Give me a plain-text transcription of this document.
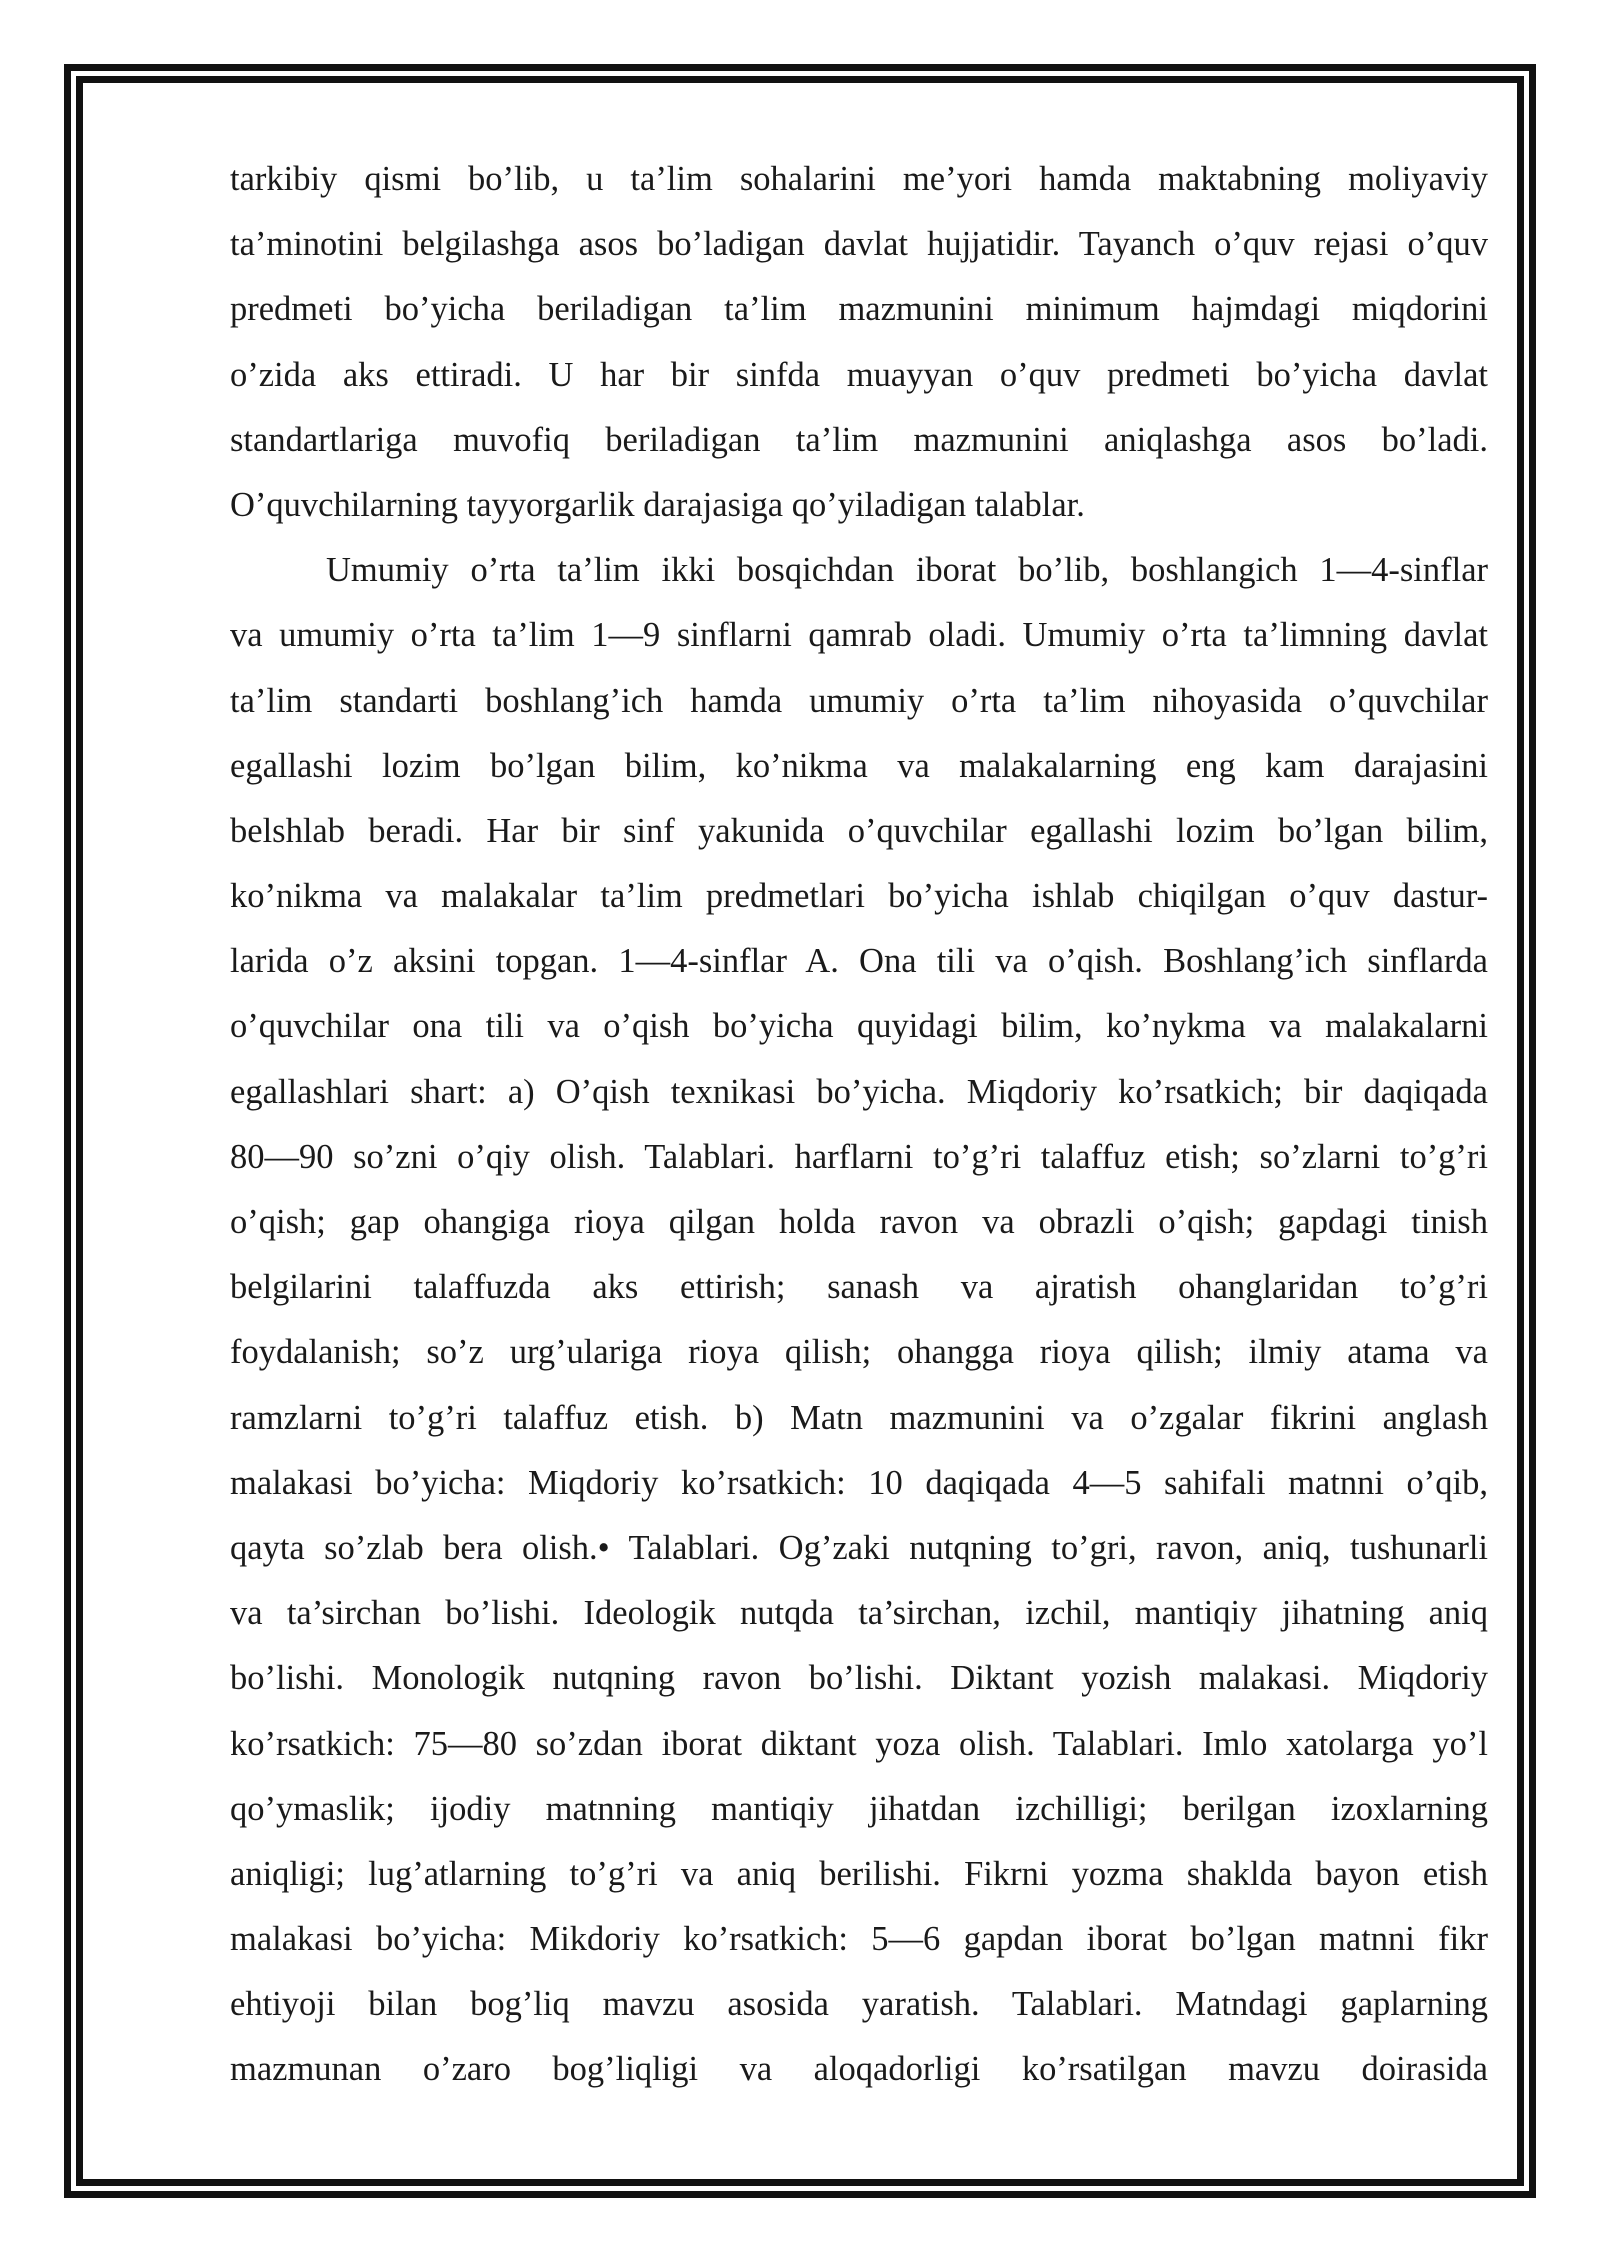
tarkibiy qismi bo’lib, u ta’lim sohalarini me’yori hamda maktabning moliyaviy
ta’minotini belgilashga asos bo’ladigan davlat hujjatidir. Tayanch o’quv rejasi o’quv
predmeti bo’yicha beriladigan ta’lim mazmunini minimum hajmdagi miqdorini
o’zida aks ettiradi. U har bir sinfda muayyan o’quv predmeti bo’yicha davlat
standartlariga muvofiq beriladigan ta’lim mazmunini aniqlashga asos bo’ladi.
O’quvchilarning tayyorgarlik darajasiga qo’yiladigan talablar.
Umumiy o’rta ta’lim ikki bosqichdan iborat bo’lib, boshlangich 1—4-sinflar
va umumiy o’rta ta’lim 1—9 sinflarni qamrab oladi. Umumiy o’rta ta’limning davlat
ta’lim standarti boshlang’ich hamda umumiy o’rta ta’lim nihoyasida o’quvchilar
egallashi lozim bo’lgan bilim, ko’nikma va malakalarning eng kam darajasini
belshlab beradi. Har bir sinf yakunida o’quvchilar egallashi lozim bo’lgan bilim,
ko’nikma va malakalar ta’lim predmetlari bo’yicha ishlab chiqilgan o’quv dastur-
larida o’z aksini topgan. 1—4-sinflar A. Ona tili va o’qish. Boshlang’ich sinflarda
o’quvchilar ona tili va o’qish bo’yicha quyidagi bilim, ko’nykma va malakalarni
egallashlari shart: a) O’qish texnikasi bo’yicha. Miqdoriy ko’rsatkich; bir daqiqada
80—90 so’zni o’qiy olish. Talablari. harflarni to’g’ri talaffuz etish; so’zlarni to’g’ri
o’qish; gap ohangiga rioya qilgan holda ravon va obrazli o’qish; gapdagi tinish
belgilarini talaffuzda aks ettirish; sanash va ajratish ohanglaridan to’g’ri
foydalanish; so’z urg’ulariga rioya qilish; ohangga rioya qilish; ilmiy atama va
ramzlarni to’g’ri talaffuz etish. b) Matn mazmunini va o’zgalar fikrini anglash
malakasi bo’yicha: Miqdoriy ko’rsatkich: 10 daqiqada 4—5 sahifali matnni o’qib,
qayta so’zlab bera olish.• Talablari. Og’zaki nutqning to’gri, ravon, aniq, tushunarli
va ta’sirchan bo’lishi. Ideologik nutqda ta’sirchan, izchil, mantiqiy jihatning aniq
bo’lishi. Monologik nutqning ravon bo’lishi. Diktant yozish malakasi. Miqdoriy
ko’rsatkich: 75—80 so’zdan iborat diktant yoza olish. Talablari. Imlo xatolarga yo’l
qo’ymaslik; ijodiy matnning mantiqiy jihatdan izchilligi; berilgan izoxlarning
aniqligi; lug’atlarning to’g’ri va aniq berilishi. Fikrni yozma shaklda bayon etish
malakasi bo’yicha: Mikdoriy ko’rsatkich: 5—6 gapdan iborat bo’lgan matnni fikr
ehtiyoji bilan bog’liq mavzu asosida yaratish. Talablari. Matndagi gaplarning
mazmunan o’zaro bog’liqligi va aloqadorligi ko’rsatilgan mavzu doirasida
